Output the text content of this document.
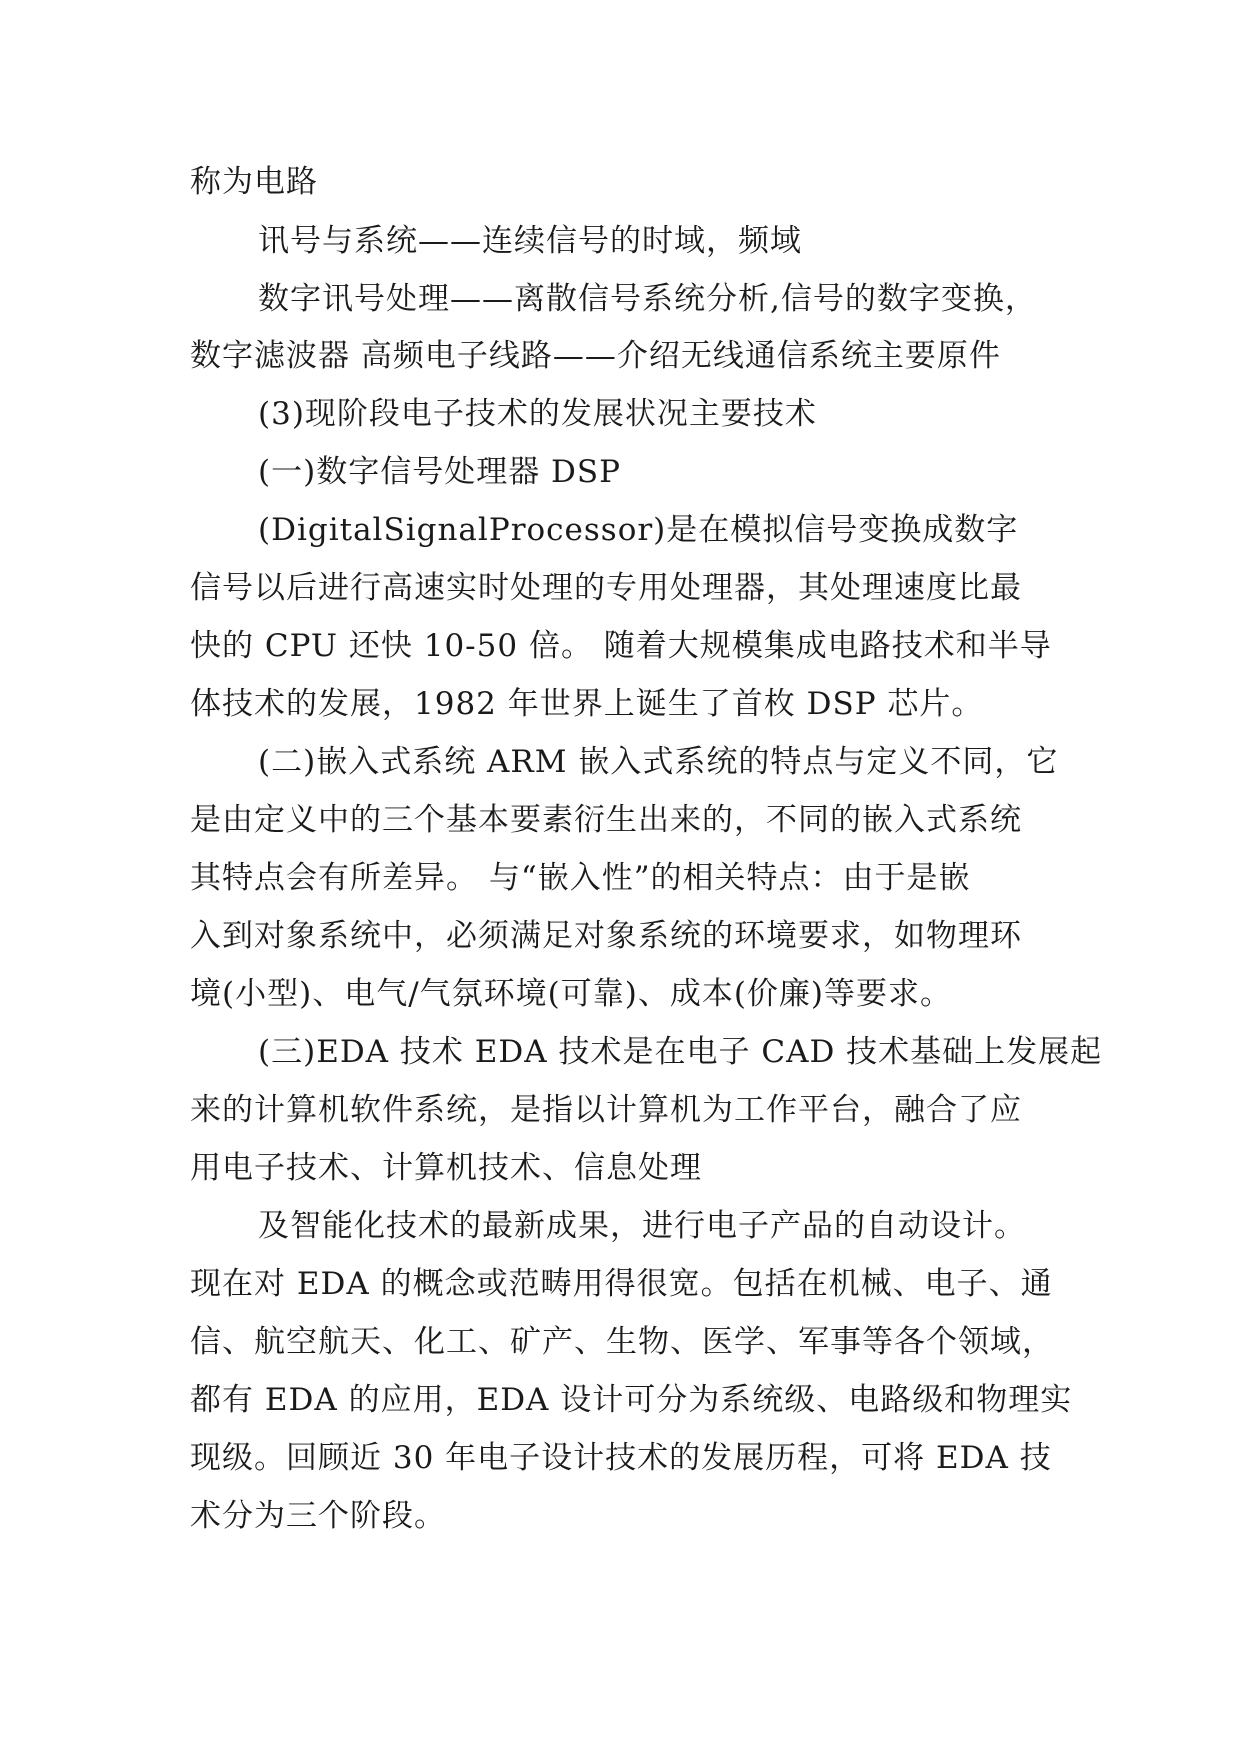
称为电路
讯号与系统——连续信号的时域，频域
数字讯号处理——离散信号系统分析,信号的数字变换，
数字滤波器 高频电子线路——介绍无线通信系统主要原件
(3)现阶段电子技术的发展状况主要技术
(一)数字信号处理器 DSP
(DigitalSignalProcessor)是在模拟信号变换成数字
信号以后进行高速实时处理的专用处理器，其处理速度比最
快的 CPU 还快 10-50 倍。 随着大规模集成电路技术和半导
体技术的发展，1982 年世界上诞生了首枚 DSP 芯片。
(二)嵌入式系统 ARM 嵌入式系统的特点与定义不同，它
是由定义中的三个基本要素衍生出来的，不同的嵌入式系统
其特点会有所差异。 与“嵌入性”的相关特点：由于是嵌
入到对象系统中，必须满足对象系统的环境要求，如物理环
境(小型)、电气/气氛环境(可靠)、成本(价廉)等要求。
(三)EDA 技术 EDA 技术是在电子 CAD 技术基础上发展起
来的计算机软件系统，是指以计算机为工作平台，融合了应
用电子技术、计算机技术、信息处理
及智能化技术的最新成果，进行电子产品的自动设计。
现在对 EDA 的概念或范畴用得很宽。包括在机械、电子、通
信、航空航天、化工、矿产、生物、医学、军事等各个领域，
都有 EDA 的应用，EDA 设计可分为系统级、电路级和物理实
现级。回顾近 30 年电子设计技术的发展历程，可将 EDA 技
术分为三个阶段。
